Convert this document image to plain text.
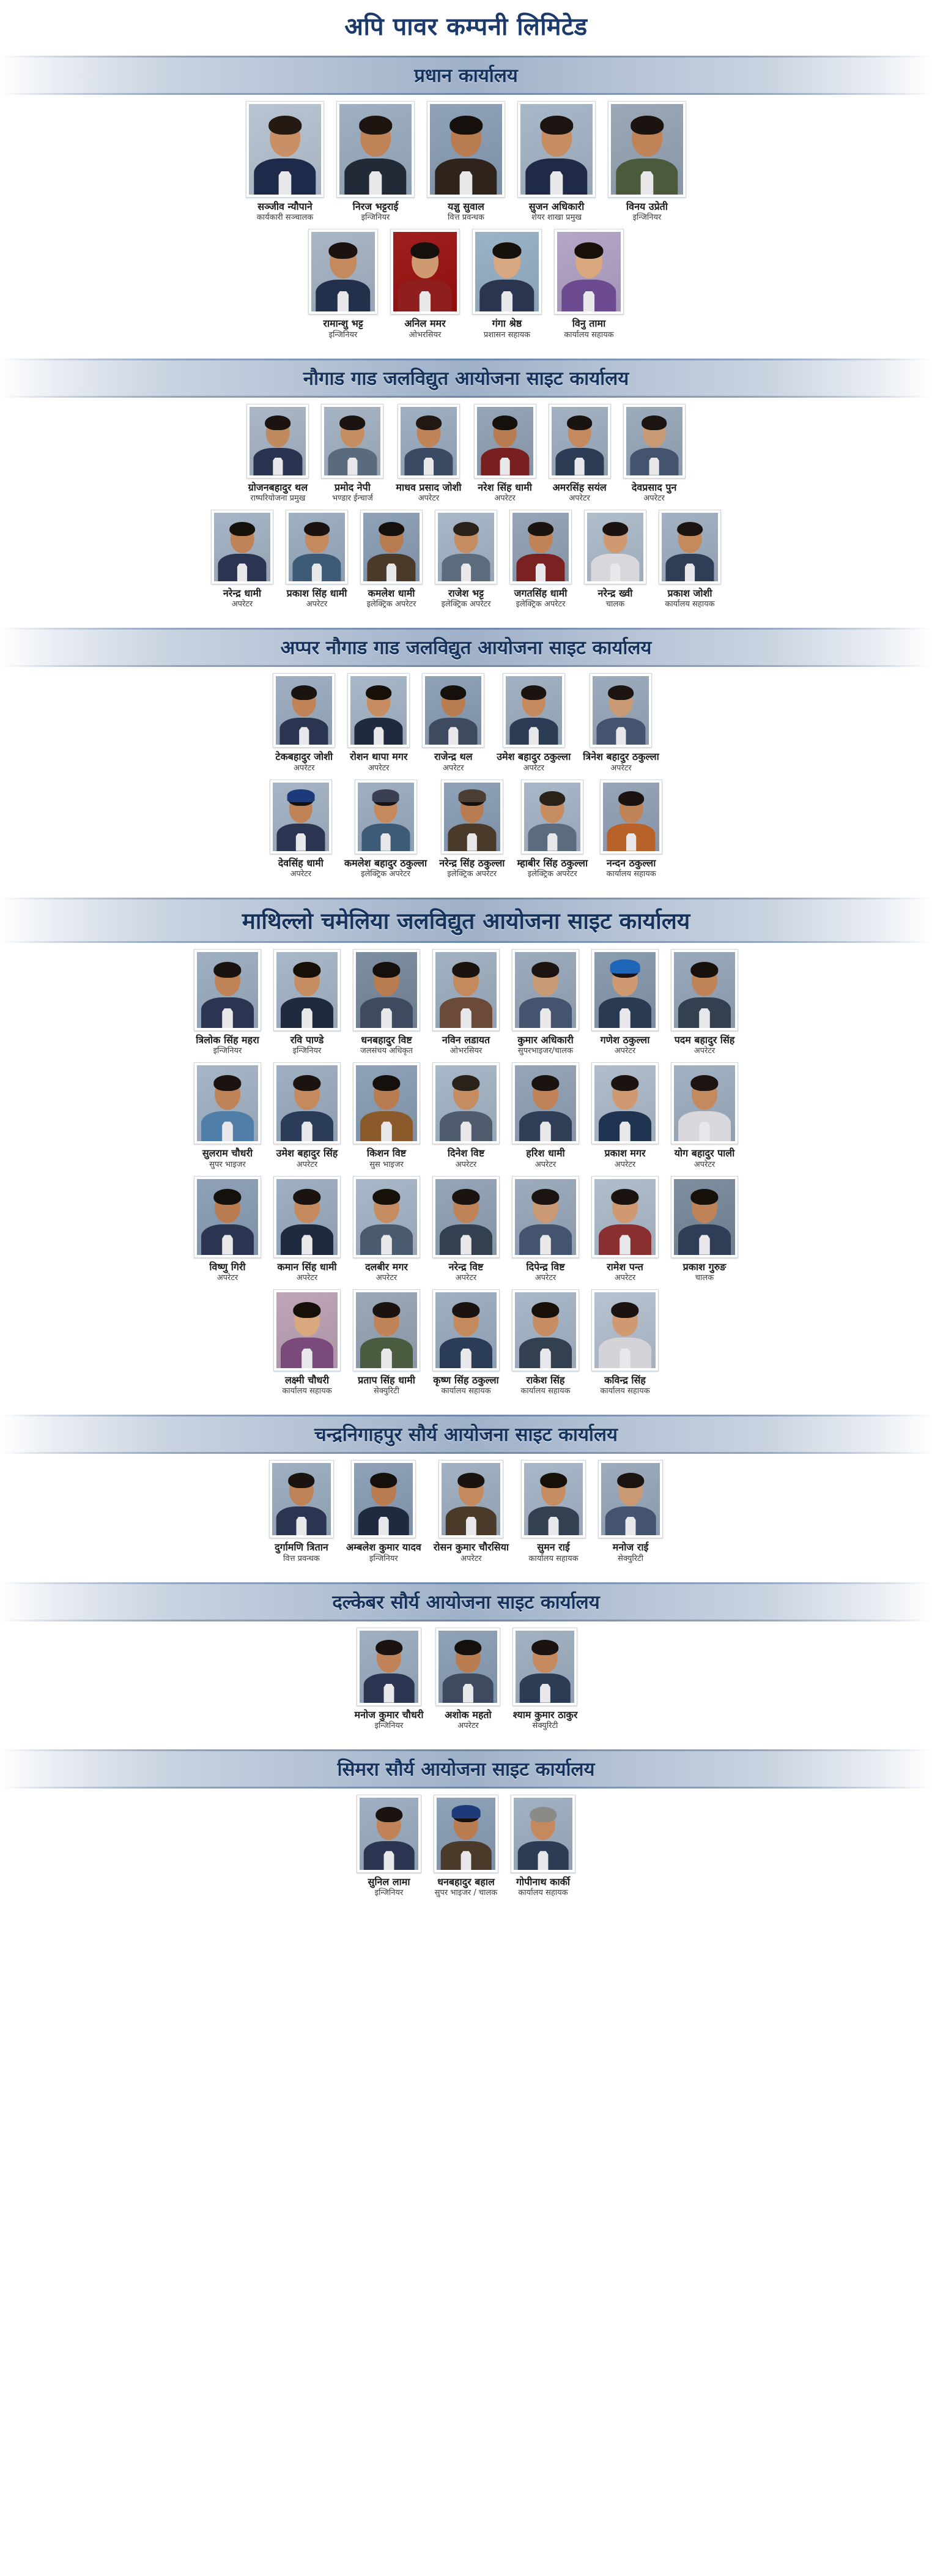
अपि पावर कम्पनी लिमिटेड
प्रधान कार्यालय
सञ्जीव न्यौपाने
कार्यकारी सञ्चालक
निरज भट्टराई
इन्जिनियर
यज्ञु सुवाल
वित्त प्रवन्धक
सुजन अधिकारी
शेयर शाखा प्रमुख
विनय उप्रेती
इन्जिनियर
रामान्शु भट्ट
इन्जिनियर
अनिल ममर
ओभरसियर
गंगा श्रेष्ठ
प्रशासन सहायक
विनु तामा
कार्यालय सहायक
नौगाड गाड जलविद्युत आयोजना साइट कार्यालय
ग्रोजनबहादुर थल
राष्परियोजना प्रमुख
प्रमोद नेपी
भण्डार ईन्चार्ज
माधव प्रसाद जोशी
अपरेटर
नरेश सिंह धामी
अपरेटर
अमरसिंह सयंल
अपरेटर
देवप्रसाद पुन
अपरेटर
नरेन्द्र धामी
अपरेटर
प्रकाश सिंह धामी
अपरेटर
कमलेश धामी
इलेक्ट्रिक अपरेटर
राजेश भट्ट
इलेक्ट्रिक अपरेटर
जगतसिंह धामी
इलेक्ट्रिक अपरेटर
नरेन्द्र ख्वी
चालक
प्रकाश जोशी
कार्यालय सहायक
अप्पर नौगाड गाड जलविद्युत आयोजना साइट कार्यालय
टेकबहादुर जोशी
अपरेटर
रोशन थापा मगर
अपरेटर
राजेन्द्र थल
अपरेटर
उमेश बहादुर ठकुल्ला
अपरेटर
त्रिनेश बहादुर ठकुल्ला
अपरेटर
देवसिंह धामी
अपरेटर
कमलेश बहादुर ठकुल्ला
इलेक्ट्रिक अपरेटर
नरेन्द्र सिंह ठकुल्ला
इलेक्ट्रिक अपरेटर
म्हाबीर सिंह ठकुल्ला
इलेक्ट्रिक अपरेटर
नन्दन ठकुल्ला
कार्यालय सहायक
माथिल्लो चमेलिया जलविद्युत आयोजना साइट कार्यालय
त्रिलोक सिंह महरा
इन्जिनियर
रवि पाण्डे
इन्जिनियर
धनबहादुर विष्ट
जलसंचय अधिकृत
नविन लडायत
ओभरसियर
कुमार अधिकारी
सुपरभाइजर/चालक
गणेश ठकुल्ला
अपरेटर
पदम बहादुर सिंह
अपरेटर
सुलराम चौधरी
सुपर भाइजर
उमेश बहादुर सिंह
अपरेटर
किशन विष्ट
सुस भाइजर
दिनेश विष्ट
अपरेटर
हरिश धामी
अपरेटर
प्रकाश मगर
अपरेटर
योग बहादुर पाली
अपरेटर
विष्णु गिरी
अपरेटर
कमान सिंह धामी
अपरेटर
दलबीर मगर
अपरेटर
नरेन्द्र विष्ट
अपरेटर
दिपेन्द्र विष्ट
अपरेटर
रामेश पन्त
अपरेटर
प्रकाश गुरुङ
चालक
लक्ष्मी चौधरी
कार्यालय सहायक
प्रताप सिंह धामी
सेक्युरिटी
कृष्ण सिंह ठकुल्ला
कार्यालय सहायक
राकेश सिंह
कार्यालय सहायक
कविन्द्र सिंह
कार्यालय सहायक
चन्द्रनिगाहपुर सौर्य आयोजना साइट कार्यालय
दुर्गामणि त्रितान
वित्त प्रवन्धक
अम्बलेश कुमार यादव
इन्जिनियर
रोसन कुमार चौरसिया
अपरेटर
सुमन राई
कार्यालय सहायक
मनोज राई
सेक्युरिटी
दल्केबर सौर्य आयोजना साइट कार्यालय
मनोज कुमार चौधरी
इन्जिनियर
अशोक महतो
अपरेटर
श्याम कुमार ठाकुर
सेक्युरिटी
सिमरा सौर्य आयोजना साइट कार्यालय
सुनिल लामा
इन्जिनियर
धनबहादुर बहाल
सुपर भाइजर / चालक
गोपीनाथ कार्की
कार्यालय सहायक
